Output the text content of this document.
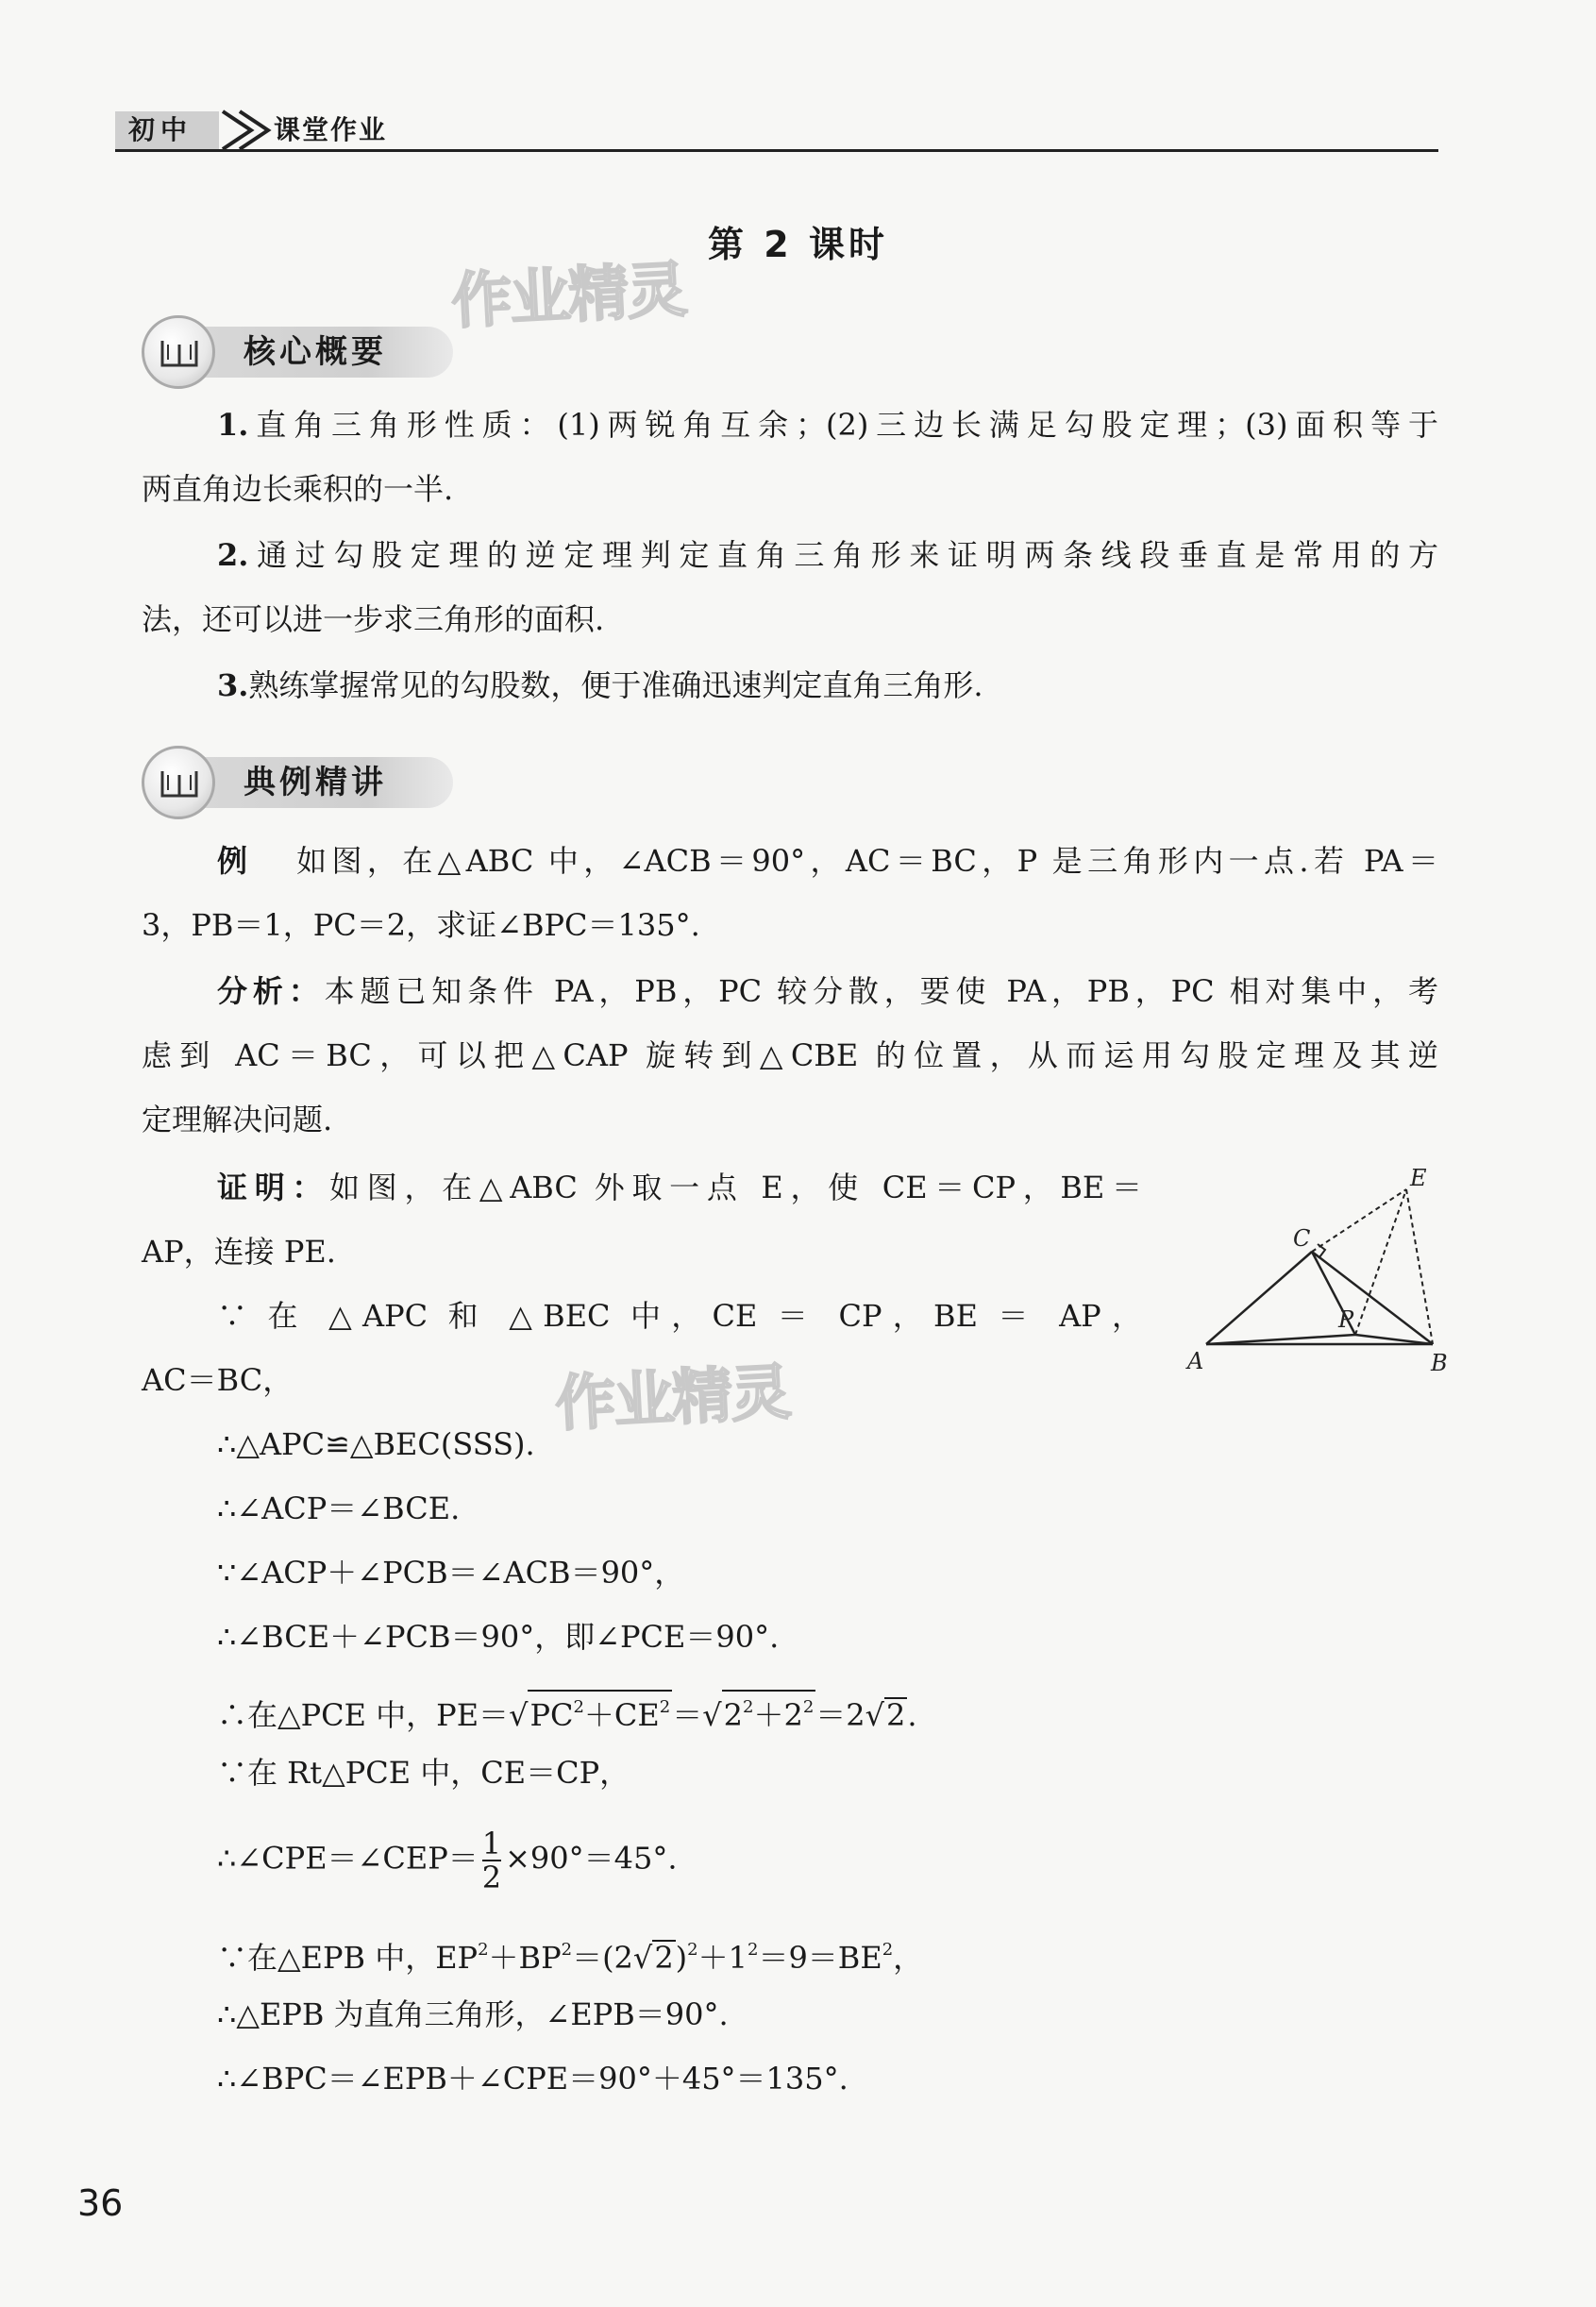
初中	课堂作业
第 2 课时
作业精灵
作业精灵
核心概要
1.直角三角形性质：(1)两锐角互余；(2)三边长满足勾股定理；(3)面积等于
两直角边长乘积的一半.
2.通过勾股定理的逆定理判定直角三角形来证明两条线段垂直是常用的方
法，还可以进一步求三角形的面积.
3.熟练掌握常见的勾股数，便于准确迅速判定直角三角形.
典例精讲
例 如图，在△ABC 中，∠ACB＝90°，AC＝BC，P 是三角形内一点.若 PA＝
3，PB＝1，PC＝2，求证∠BPC＝135°.
分析：本题已知条件 PA，PB，PC 较分散，要使 PA，PB，PC 相对集中，考
虑到 AC＝BC，可以把△CAP 旋转到△CBE 的位置，从而运用勾股定理及其逆
定理解决问题.
证明：如图，在△ABC 外取一点 E，使 CE＝CP，BE＝
AP，连接 PE.
∵ 在 △APC 和 △BEC 中，CE ＝ CP，BE ＝ AP，
AC＝BC，
∴△APC≌△BEC(SSS).
∴∠ACP＝∠BCE.
∵∠ACP＋∠PCB＝∠ACB＝90°，
∴∠BCE＋∠PCB＝90°，即∠PCE＝90°.
∴在△PCE 中，$PE=√PC^2+CE^2=√2^2+2^2=2√2$.
∵在 Rt△PCE 中，CE＝CP，
∴∠CPE＝∠CEP＝ $\frac{1}{2} \times 90^\circ=45^\circ$.
∵在△EPB 中，$EP^2+BP^2=(2√2)^2+1^2=9=BE^2$，
∴△EPB 为直角三角形，∠EPB＝90°.
∴∠BPC＝∠EPB＋∠CPE＝90°＋45°＝135°.
A	B
C
E
P
36
